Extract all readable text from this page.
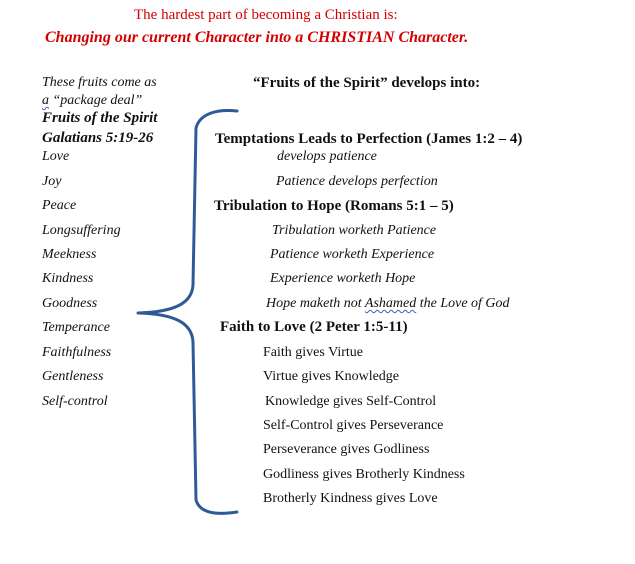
The hardest part of becoming a Christian is:
Changing our current Character into a CHRISTIAN Character.
These fruits come as
a “package deal”
Fruits of the Spirit
Galatians 5:19-26
Love
Joy
Peace
Longsuffering
Meekness
Kindness
Goodness
Temperance
Faithfulness
Gentleness
Self-control
“Fruits of the Spirit” develops into:
Temptations Leads to Perfection (James 1:2 – 4)
develops patience
Patience develops perfection
Tribulation to Hope (Romans 5:1 – 5)
Tribulation worketh Patience
Patience worketh Experience
Experience worketh Hope
Hope maketh not Ashamed the Love of God
Faith to Love (2 Peter 1:5-11)
Faith gives Virtue
Virtue gives Knowledge
Knowledge gives Self-Control
Self-Control gives Perseverance
Perseverance gives Godliness
Godliness gives Brotherly Kindness
Brotherly Kindness gives Love
